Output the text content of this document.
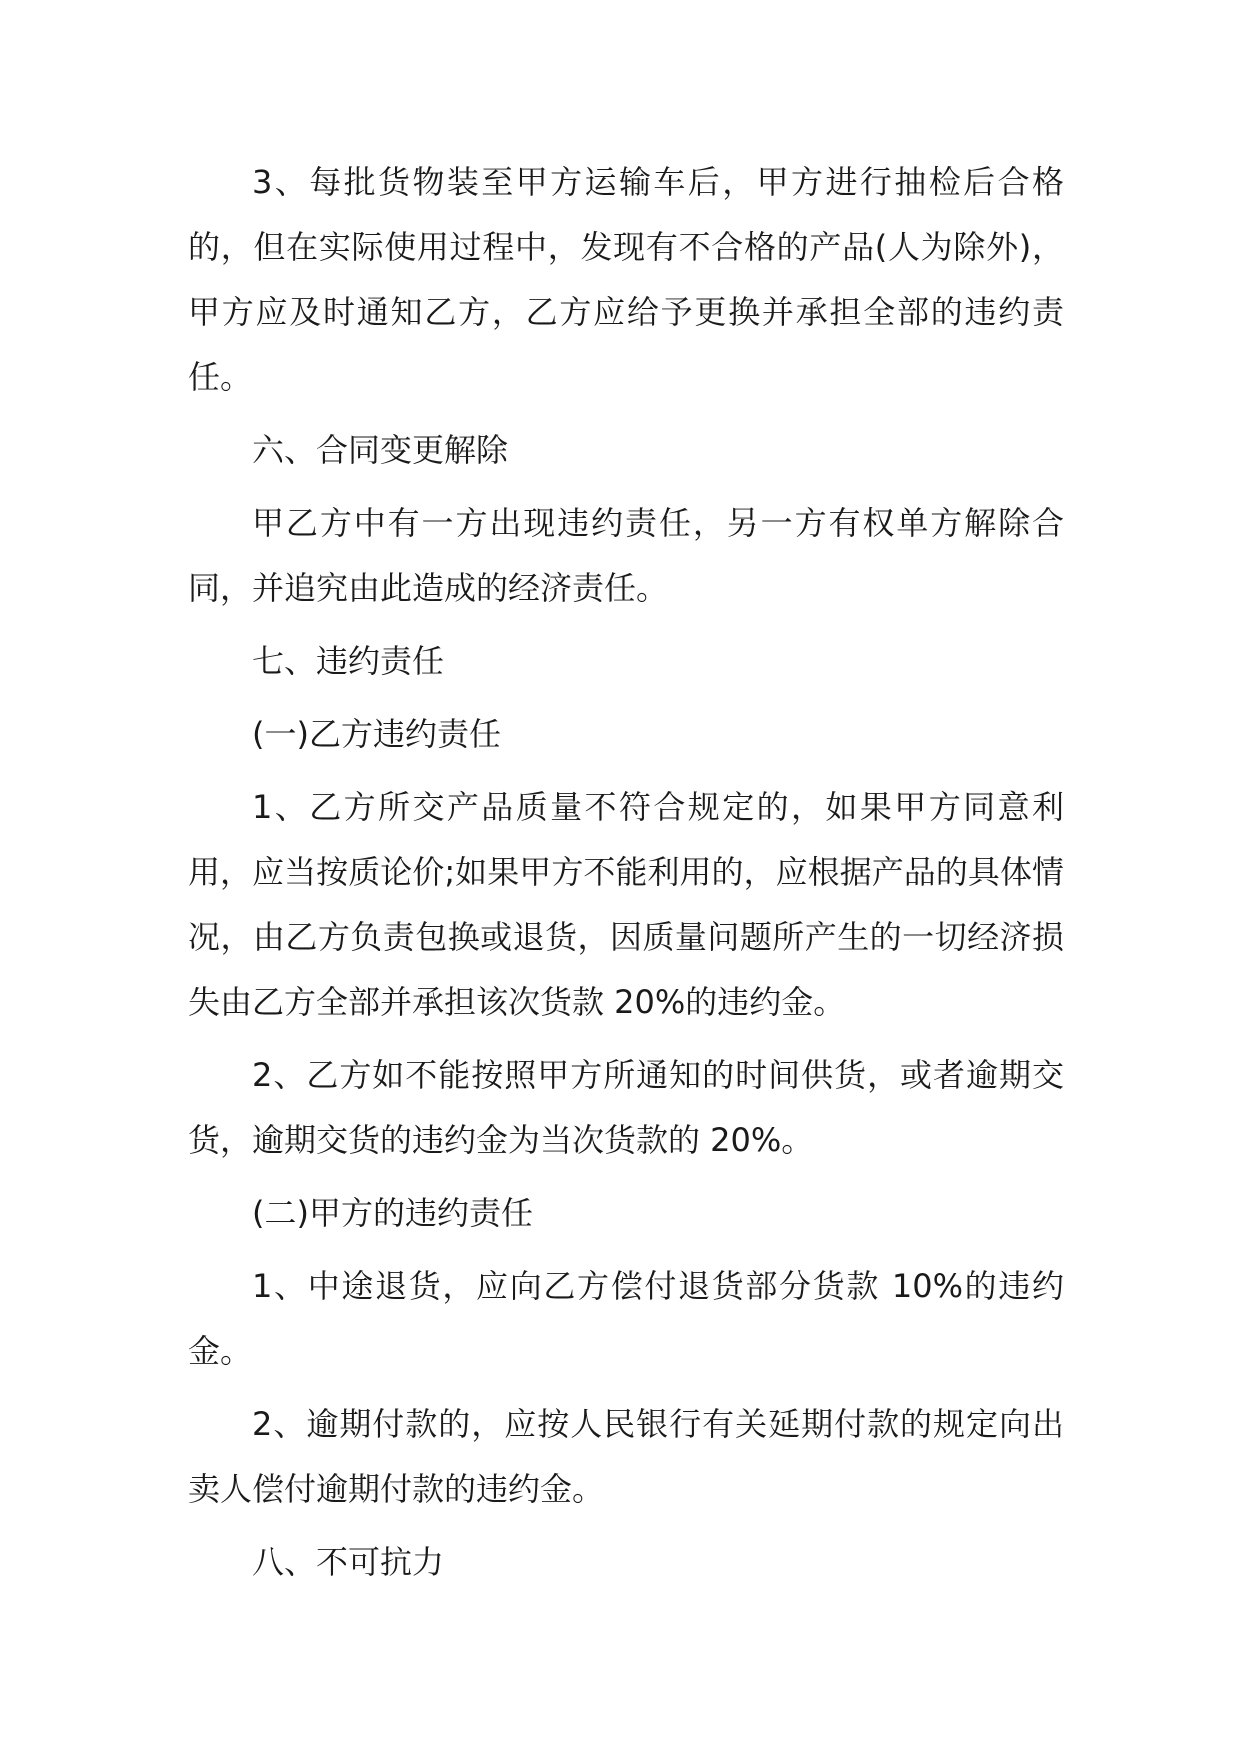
3、每批货物装至甲方运输车后，甲方进行抽检后合格的，但在实际使用过程中，发现有不合格的产品(人为除外)，甲方应及时通知乙方，乙方应给予更换并承担全部的违约责任。

六、合同变更解除

甲乙方中有一方出现违约责任，另一方有权单方解除合同，并追究由此造成的经济责任。

七、违约责任

(一)乙方违约责任

1、乙方所交产品质量不符合规定的，如果甲方同意利用，应当按质论价;如果甲方不能利用的，应根据产品的具体情况，由乙方负责包换或退货，因质量问题所产生的一切经济损失由乙方全部并承担该次货款 20%的违约金。

2、乙方如不能按照甲方所通知的时间供货，或者逾期交货，逾期交货的违约金为当次货款的 20%。

(二)甲方的违约责任

1、中途退货，应向乙方偿付退货部分货款 10%的违约金。

2、逾期付款的，应按人民银行有关延期付款的规定向出卖人偿付逾期付款的违约金。

八、不可抗力
